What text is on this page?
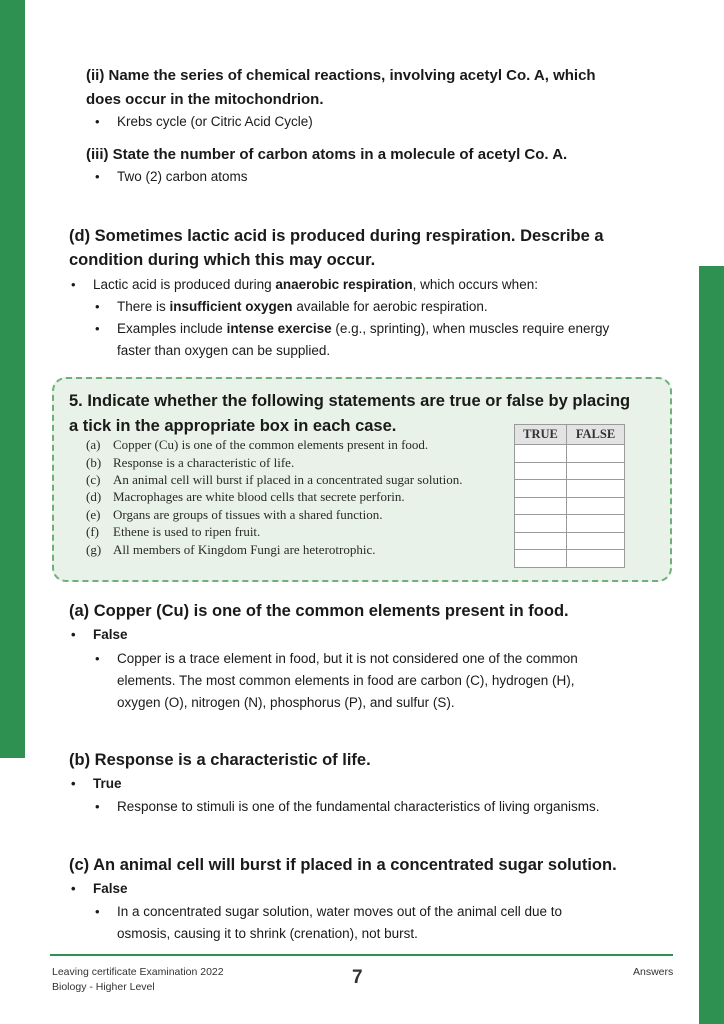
(ii) Name the series of chemical reactions, involving acetyl Co. A, which
does occur in the mitochondrion.
• Krebs cycle (or Citric Acid Cycle)
(iii) State the number of carbon atoms in a molecule of acetyl Co. A.
• Two (2) carbon atoms
(d) Sometimes lactic acid is produced during respiration. Describe a
condition during which this may occur.
• Lactic acid is produced during anaerobic respiration, which occurs when:
• There is insufficient oxygen available for aerobic respiration.
• Examples include intense exercise (e.g., sprinting), when muscles require energy
faster than oxygen can be supplied.
5. Indicate whether the following statements are true or false by placing
a tick in the appropriate box in each case.
(a) Copper (Cu) is one of the common elements present in food.
(b) Response is a characteristic of life.
(c) An animal cell will burst if placed in a concentrated sugar solution.
(d) Macrophages are white blood cells that secrete perforin.
(e) Organs are groups of tissues with a shared function.
(f) Ethene is used to ripen fruit.
(g) All members of Kingdom Fungi are heterotrophic.
TRUE	FALSE

(a) Copper (Cu) is one of the common elements present in food.
• False
• Copper is a trace element in food, but it is not considered one of the common
elements. The most common elements in food are carbon (C), hydrogen (H),
oxygen (O), nitrogen (N), phosphorus (P), and sulfur (S).
(b) Response is a characteristic of life.
• True
• Response to stimuli is one of the fundamental characteristics of living organisms.
(c) An animal cell will burst if placed in a concentrated sugar solution.
• False
• In a concentrated sugar solution, water moves out of the animal cell due to
osmosis, causing it to shrink (crenation), not burst.
Leaving certificate Examination 2022
Biology - Higher Level	7	Answers
